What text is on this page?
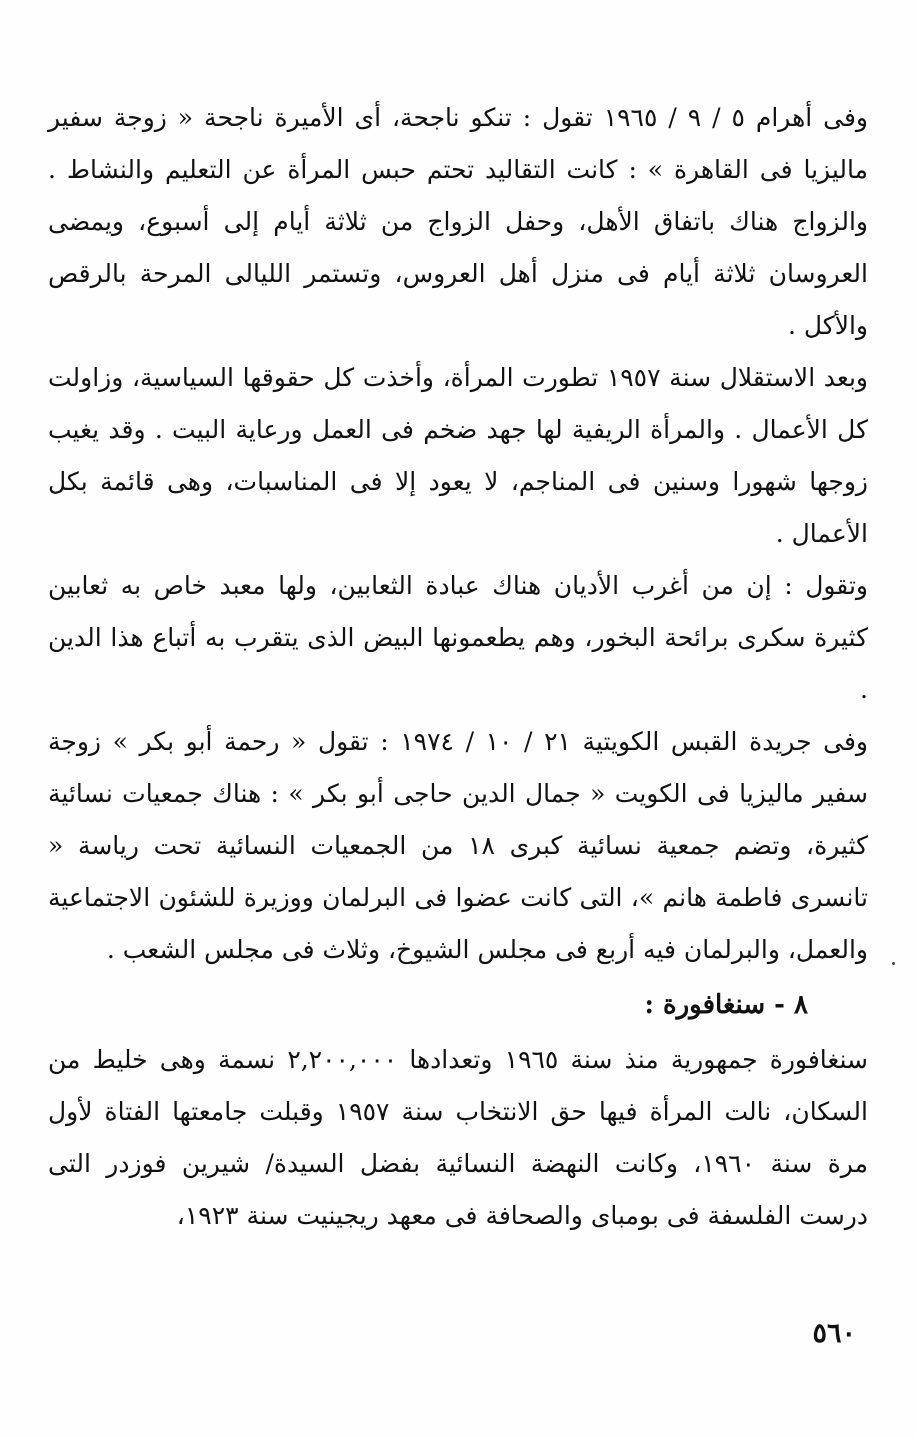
وفى أهرام ٥ / ٩ / ١٩٦٥ تقول : تنكو ناجحة، أى الأميرة ناجحة « زوجة سفير ماليزيا فى القاهرة » : كانت التقاليد تحتم حبس المرأة عن التعليم والنشاط . والزواج هناك باتفاق الأهل، وحفل الزواج من ثلاثة أيام إلى أسبوع، ويمضى العروسان ثلاثة أيام فى منزل أهل العروس، وتستمر الليالى المرحة بالرقص والأكل .

وبعد الاستقلال سنة ١٩٥٧ تطورت المرأة، وأخذت كل حقوقها السياسية، وزاولت كل الأعمال . والمرأة الريفية لها جهد ضخم فى العمل ورعاية البيت . وقد يغيب زوجها شهورا وسنين فى المناجم، لا يعود إلا فى المناسبات، وهى قائمة بكل الأعمال .

وتقول : إن من أغرب الأديان هناك عبادة الثعابين، ولها معبد خاص به ثعابين كثيرة سكرى برائحة البخور، وهم يطعمونها البيض الذى يتقرب به أتباع هذا الدين .

وفى جريدة القبس الكويتية ٢١ / ١٠ / ١٩٧٤ : تقول « رحمة أبو بكر » زوجة سفير ماليزيا فى الكويت « جمال الدين حاجى أبو بكر » : هناك جمعيات نسائية كثيرة، وتضم جمعية نسائية كبرى ١٨ من الجمعيات النسائية تحت رياسة « تانسرى فاطمة هانم »، التى كانت عضوا فى البرلمان ووزيرة للشئون الاجتماعية والعمل، والبرلمان فيه أربع فى مجلس الشيوخ، وثلاث فى مجلس الشعب .

٨ - سنغافورة :

سنغافورة جمهورية منذ سنة ١٩٦٥ وتعدادها ٢,٢٠٠,٠٠٠ نسمة وهى خليط من السكان، نالت المرأة فيها حق الانتخاب سنة ١٩٥٧ وقبلت جامعتها الفتاة لأول مرة سنة ١٩٦٠، وكانت النهضة النسائية بفضل السيدة/ شيرين فوزدر التى درست الفلسفة فى بومباى والصحافة فى معهد ريجينيت سنة ١٩٢٣،

٥٦٠
